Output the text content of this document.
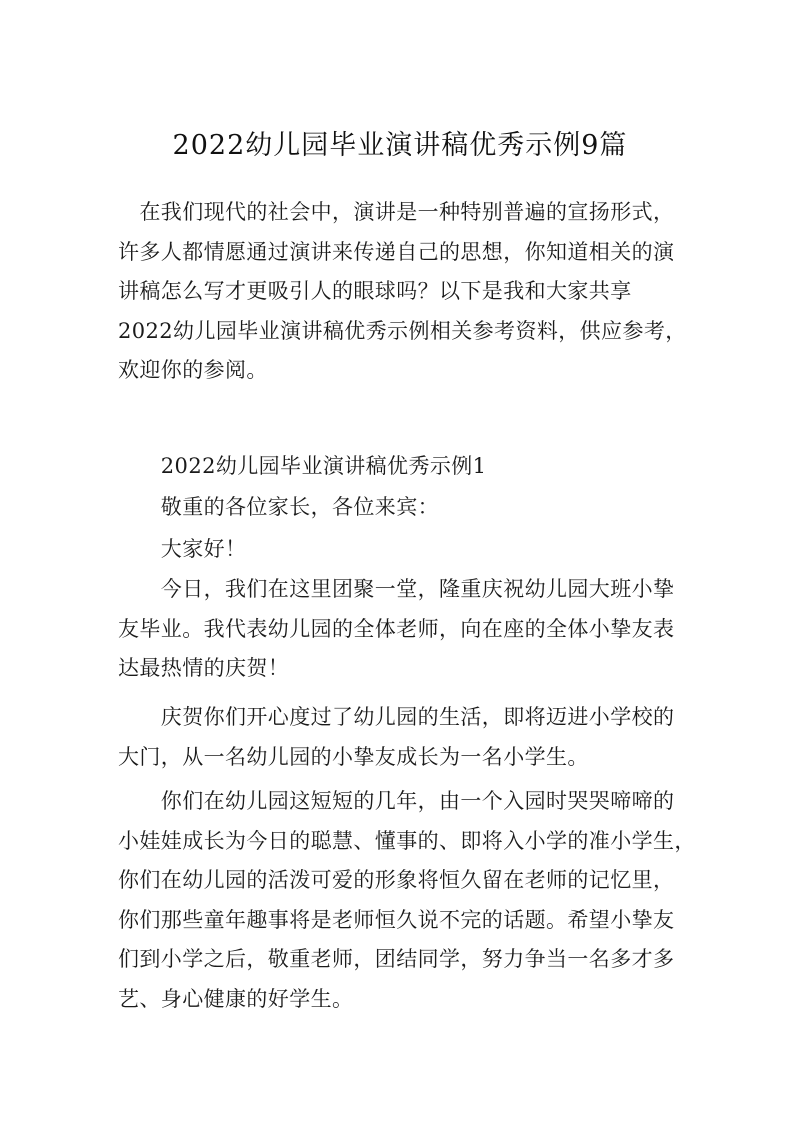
2022幼儿园毕业演讲稿优秀示例9篇
　在我们现代的社会中，演讲是一种特别普遍的宣扬形式，
许多人都情愿通过演讲来传递自己的思想，你知道相关的演
讲稿怎么写才更吸引人的眼球吗？以下是我和大家共享
2022幼儿园毕业演讲稿优秀示例相关参考资料，供应参考，
欢迎你的参阅。
　　2022幼儿园毕业演讲稿优秀示例1
　　敬重的各位家长，各位来宾：
　　大家好！
　　今日，我们在这里团聚一堂，隆重庆祝幼儿园大班小挚
友毕业。我代表幼儿园的全体老师，向在座的全体小挚友表
达最热情的庆贺！
　　庆贺你们开心度过了幼儿园的生活，即将迈进小学校的
大门，从一名幼儿园的小挚友成长为一名小学生。
　　你们在幼儿园这短短的几年，由一个入园时哭哭啼啼的
小娃娃成长为今日的聪慧、懂事的、即将入小学的准小学生，
你们在幼儿园的活泼可爱的形象将恒久留在老师的记忆里，
你们那些童年趣事将是老师恒久说不完的话题。希望小挚友
们到小学之后，敬重老师，团结同学，努力争当一名多才多
艺、身心健康的好学生。
